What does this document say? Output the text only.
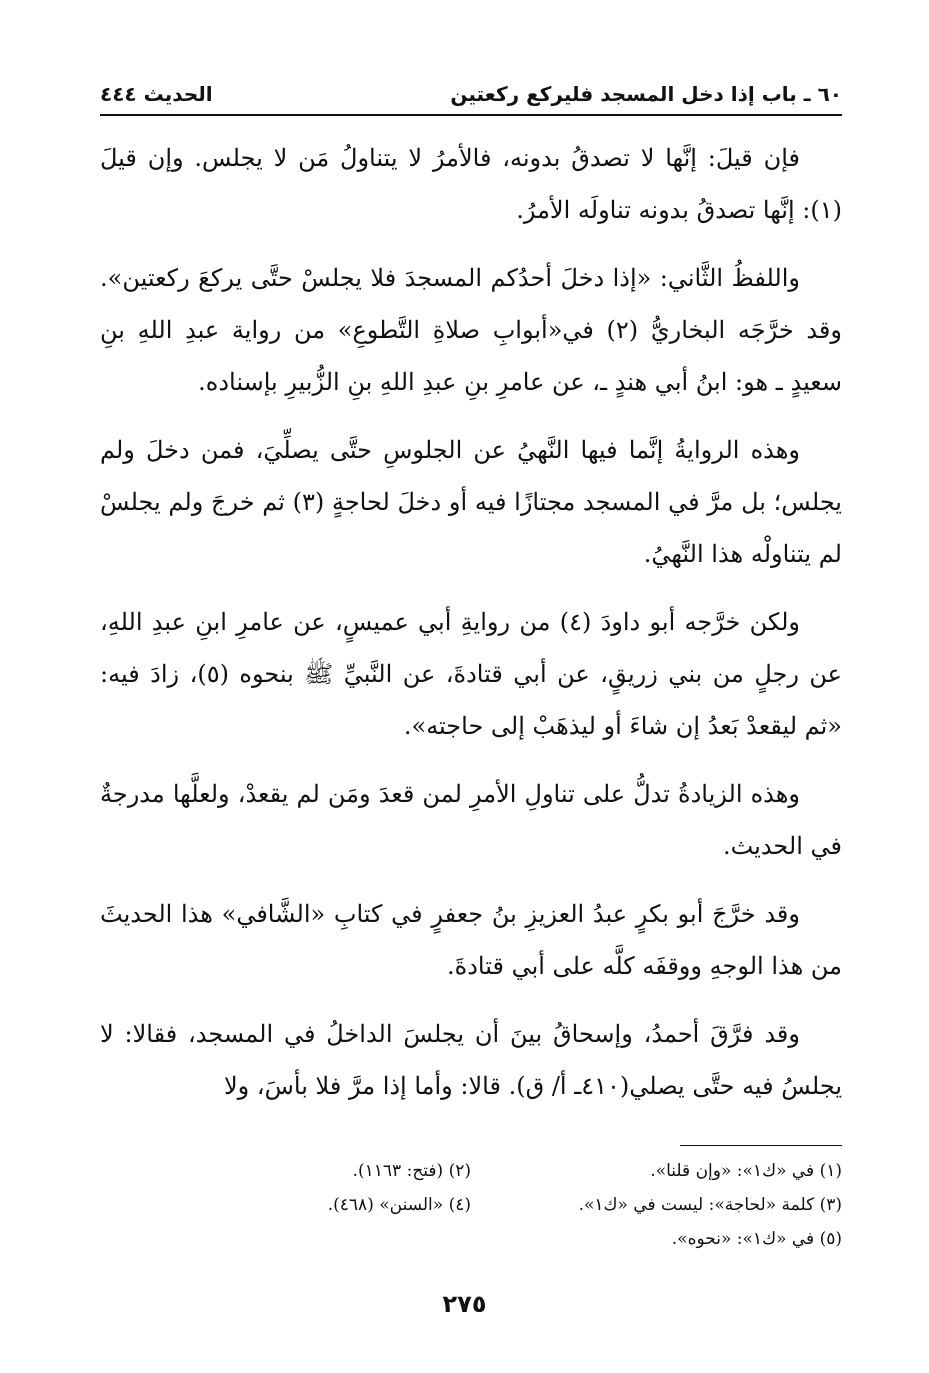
٦٠ ـ باب إذا دخل المسجد فليركع ركعتين
الحديث ٤٤٤

فإن قيلَ: إنَّها لا تصدقُ بدونه، فالأمرُ لا يتناولُ مَن لا يجلس. وإن قيلَ (١): إنَّها تصدقُ بدونه تناولَه الأمرُ.

واللفظُ الثَّاني: «إذا دخلَ أحدُكم المسجدَ فلا يجلسْ حتَّى يركعَ ركعتين». وقد خرَّجَه البخاريُّ (٢) في«أبوابِ صلاةِ التَّطوعِ» من رواية عبدِ اللهِ بنِ سعيدٍ ـ هو: ابنُ أبي هندٍ ـ، عن عامرِ بنِ عبدِ اللهِ بنِ الزُّبيرِ بإسناده.

وهذه الروايةُ إنَّما فيها النَّهيُ عن الجلوسِ حتَّى يصلِّيَ، فمن دخلَ ولم يجلس؛ بل مرَّ في المسجد مجتازًا فيه أو دخلَ لحاجةٍ (٣) ثم خرجَ ولم يجلسْ لم يتناولْه هذا النَّهيُ.

ولكن خرَّجه أبو داودَ (٤) من روايةِ أبي عميسٍ، عن عامرِ ابنِ عبدِ اللهِ، عن رجلٍ من بني زريقٍ، عن أبي قتادةَ، عن النَّبيِّ ﷺ بنحوه (٥)، زادَ فيه: «ثم ليقعدْ بَعدُ إن شاءَ أو ليذهَبْ إلى حاجته».

وهذه الزيادةُ تدلُّ على تناولِ الأمرِ لمن قعدَ ومَن لم يقعدْ، ولعلَّها مدرجةٌ في الحديث.

وقد خرَّجَ أبو بكرٍ عبدُ العزيزِ بنُ جعفرٍ في كتابِ «الشَّافي» هذا الحديثَ من هذا الوجهِ ووقفَه كلَّه على أبي قتادةَ.

وقد فرَّقَ أحمدُ، وإسحاقُ بينَ أن يجلسَ الداخلُ في المسجد، فقالا: لا يجلسُ فيه حتَّى يصلي(٤١٠ـ أ/ ق). قالا: وأما إذا مرَّ فلا بأسَ، ولا

(١) في «ك١»: «وإن قلنا».
(٢) (فتح: ١١٦٣).
(٣) كلمة «لحاجة»: ليست في «ك١».
(٤) «السنن» (٤٦٨).
(٥) في «ك١»: «نحوه».
٢٧٥
